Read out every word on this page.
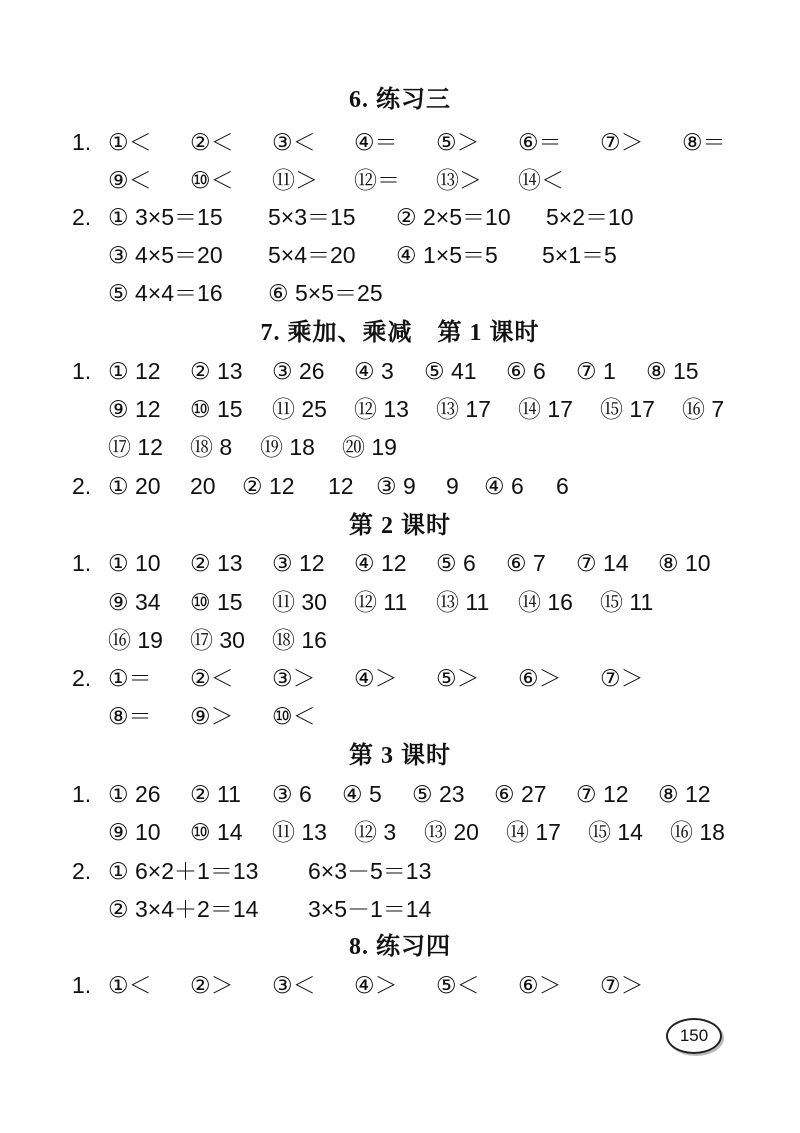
6. 练习三
1. ①＜ ②＜ ③＜ ④＝ ⑤＞ ⑥＝ ⑦＞ ⑧＝
⑨＜ ⑩＜ ⑪＞ ⑫＝ ⑬＞ ⑭＜
2. ① 3×5＝15 5×3＝15 ② 2×5＝10 5×2＝10
③ 4×5＝20 5×4＝20 ④ 1×5＝5 5×1＝5
⑤ 4×4＝16 ⑥ 5×5＝25
7. 乘加、乘减　第 1 课时
1. ① 12 ② 13 ③ 26 ④ 3 ⑤ 41 ⑥ 6 ⑦ 1 ⑧ 15
⑨ 12 ⑩ 15 ⑪ 25 ⑫ 13 ⑬ 17 ⑭ 17 ⑮ 17 ⑯ 7
⑰ 12 ⑱ 8 ⑲ 18 ⑳ 19
2. ① 20 20 ② 12 12 ③ 9 9 ④ 6 6
第 2 课时
1. ① 10 ② 13 ③ 12 ④ 12 ⑤ 6 ⑥ 7 ⑦ 14 ⑧ 10
⑨ 34 ⑩ 15 ⑪ 30 ⑫ 11 ⑬ 11 ⑭ 16 ⑮ 11
⑯ 19 ⑰ 30 ⑱ 16
2. ①＝ ②＜ ③＞ ④＞ ⑤＞ ⑥＞ ⑦＞
⑧＝ ⑨＞ ⑩＜
第 3 课时
1. ① 26 ② 11 ③ 6 ④ 5 ⑤ 23 ⑥ 27 ⑦ 12 ⑧ 12
⑨ 10 ⑩ 14 ⑪ 13 ⑫ 3 ⑬ 20 ⑭ 17 ⑮ 14 ⑯ 18
2. ① 6×2＋1＝13 6×3－5＝13
② 3×4＋2＝14 3×5－1＝14
8. 练习四
1. ①＜ ②＞ ③＜ ④＞ ⑤＜ ⑥＞ ⑦＞
150
